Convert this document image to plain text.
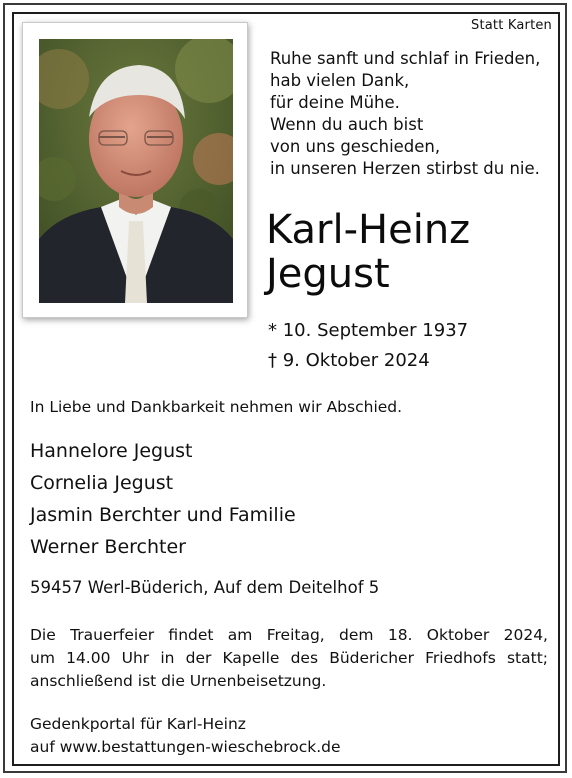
Statt Karten
Ruhe sanft und schlaf in Frieden,
hab vielen Dank,
für deine Mühe.
Wenn du auch bist
von uns geschieden,
in unseren Herzen stirbst du nie.
Karl-Heinz
Jegust
* 10. September 1937
† 9. Oktober 2024
In Liebe und Dankbarkeit nehmen wir Abschied.
Hannelore Jegust
Cornelia Jegust
Jasmin Berchter und Familie
Werner Berchter
59457 Werl-Büderich, Auf dem Deitelhof 5
Die Trauerfeier findet am Freitag, dem 18. Oktober 2024,
um 14.00 Uhr in der Kapelle des Büdericher Friedhofs statt;
anschließend ist die Urnenbeisetzung.
Gedenkportal für Karl-Heinz
auf www.bestattungen-wieschebrock.de
